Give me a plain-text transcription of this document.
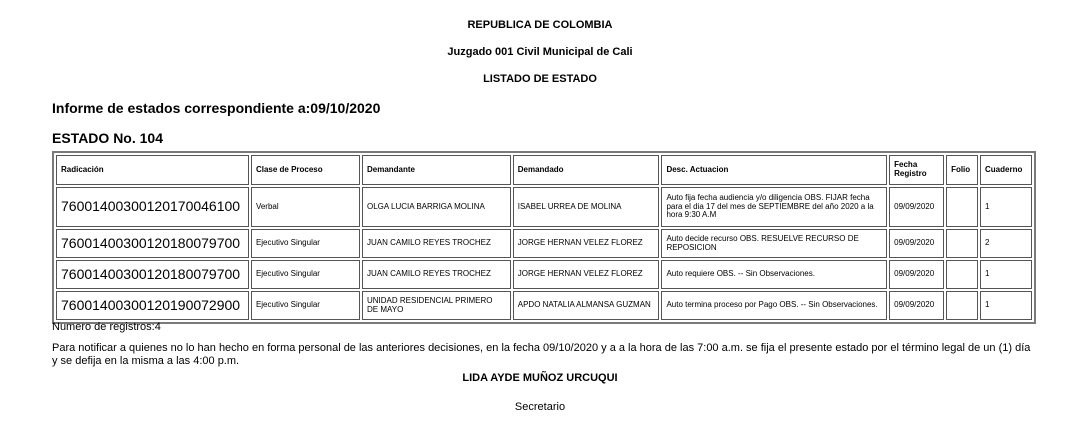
REPUBLICA DE COLOMBIA
Juzgado 001 Civil Municipal de Cali
LISTADO DE ESTADO
Informe de estados correspondiente a:09/10/2020
ESTADO No. 104
Radicación	Clase de Proceso	Demandante	Demandado	Desc. Actuacion	Fecha Registro	Folio	Cuaderno
76001400300120170046100	Verbal	OLGA LUCIA BARRIGA MOLINA	ISABEL URREA DE MOLINA	Auto fija fecha audiencia y/o diligencia OBS. FIJAR fecha para el dia 17 del mes de SEPTIEMBRE del año 2020 a la hora 9:30 A.M	09/09/2020		1
76001400300120180079700	Ejecutivo Singular	JUAN CAMILO REYES TROCHEZ	JORGE HERNAN VELEZ FLOREZ	Auto decide recurso OBS. RESUELVE RECURSO DE REPOSICION	09/09/2020		2
76001400300120180079700	Ejecutivo Singular	JUAN CAMILO REYES TROCHEZ	JORGE HERNAN VELEZ FLOREZ	Auto requiere OBS. -- Sin Observaciones.	09/09/2020		1
76001400300120190072900	Ejecutivo Singular	UNIDAD RESIDENCIAL PRIMERO DE MAYO	APDO NATALIA ALMANSA GUZMAN	Auto termina proceso por Pago OBS. -- Sin Observaciones.	09/09/2020		1
Numero de registros:4
Para notificar a quienes no lo han hecho en forma personal de las anteriores decisiones, en la fecha 09/10/2020 y a a la hora de las 7:00 a.m. se fija el presente estado por el término legal de un (1) día y se defija en la misma a las 4:00 p.m.
LIDA AYDE MUÑOZ URCUQUI
Secretario
